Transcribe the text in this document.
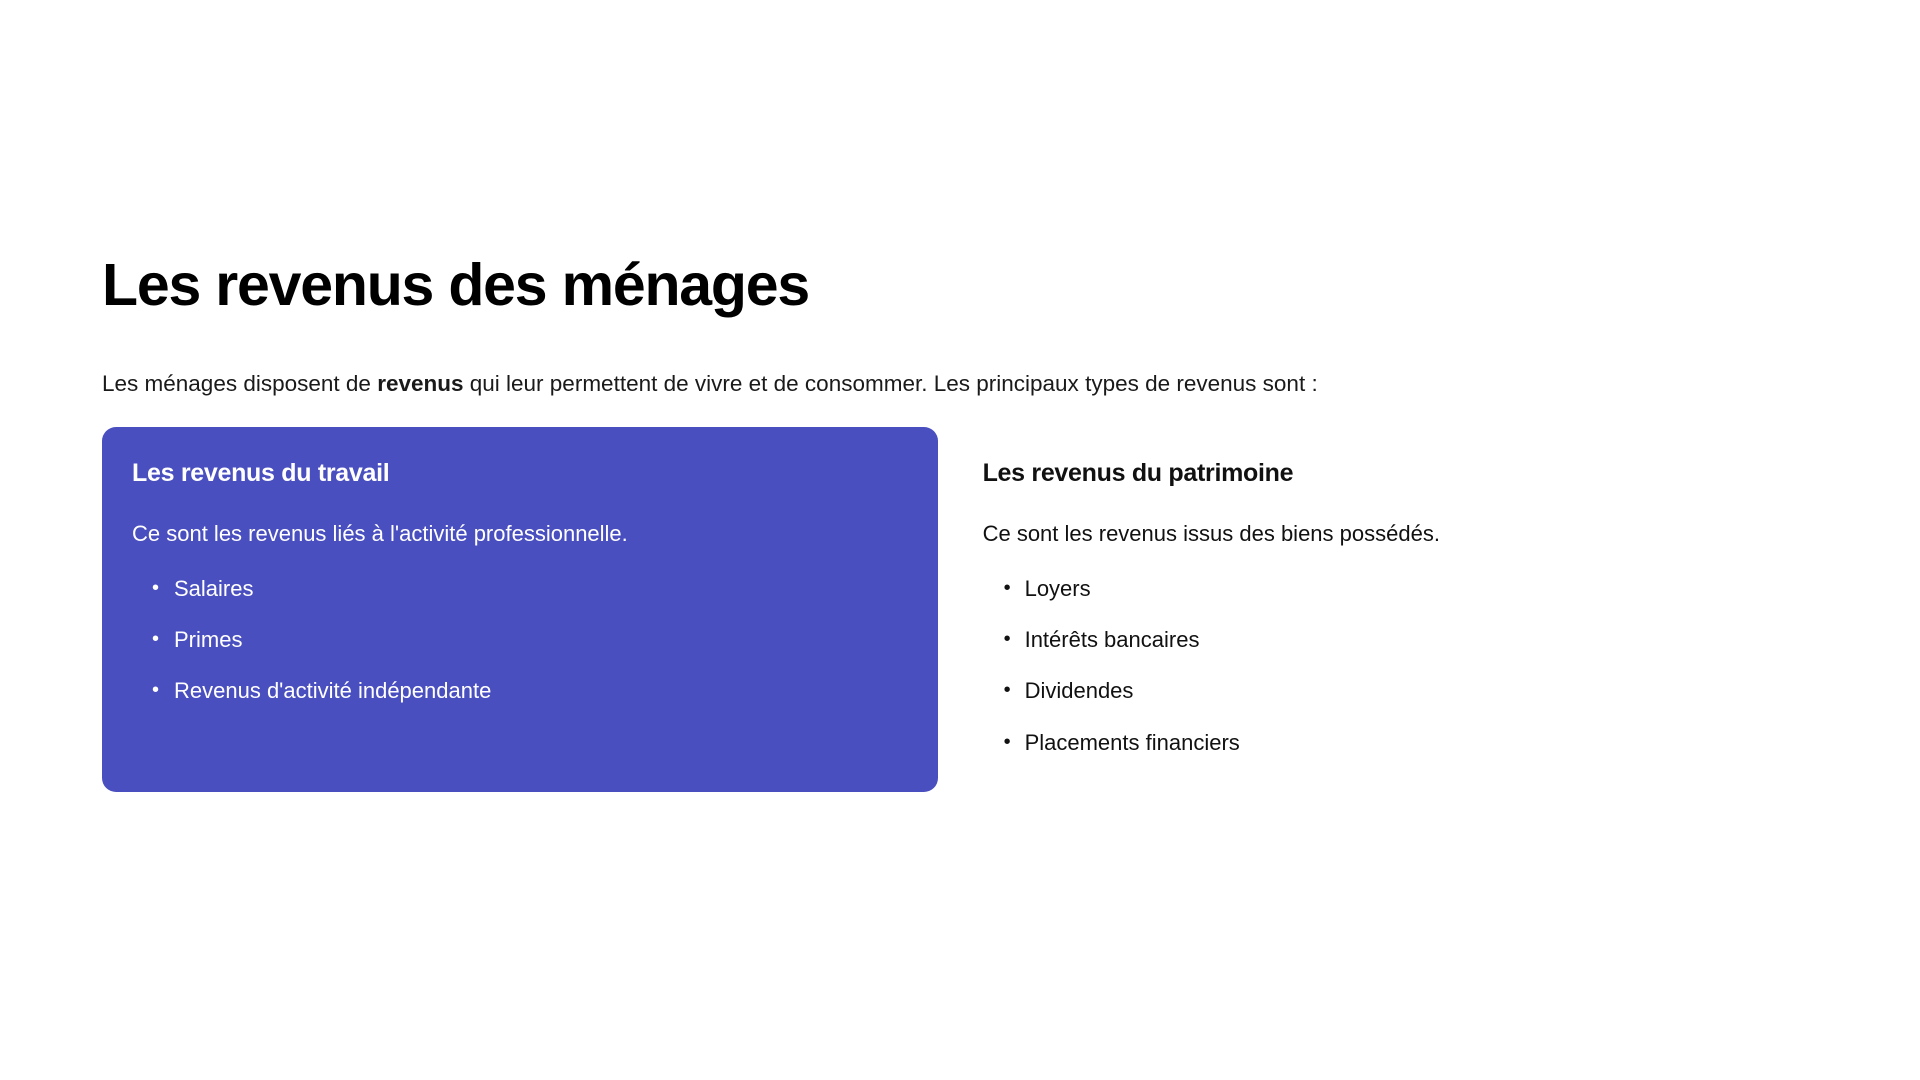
Les revenus des ménages

Les ménages disposent de revenus qui leur permettent de vivre et de consommer. Les principaux types de revenus sont :

Les revenus du travail

Ce sont les revenus liés à l'activité professionnelle.

• Salaires
• Primes
• Revenus d'activité indépendante
Les revenus du patrimoine

Ce sont les revenus issus des biens possédés.

• Loyers
• Intérêts bancaires
• Dividendes
• Placements financiers
